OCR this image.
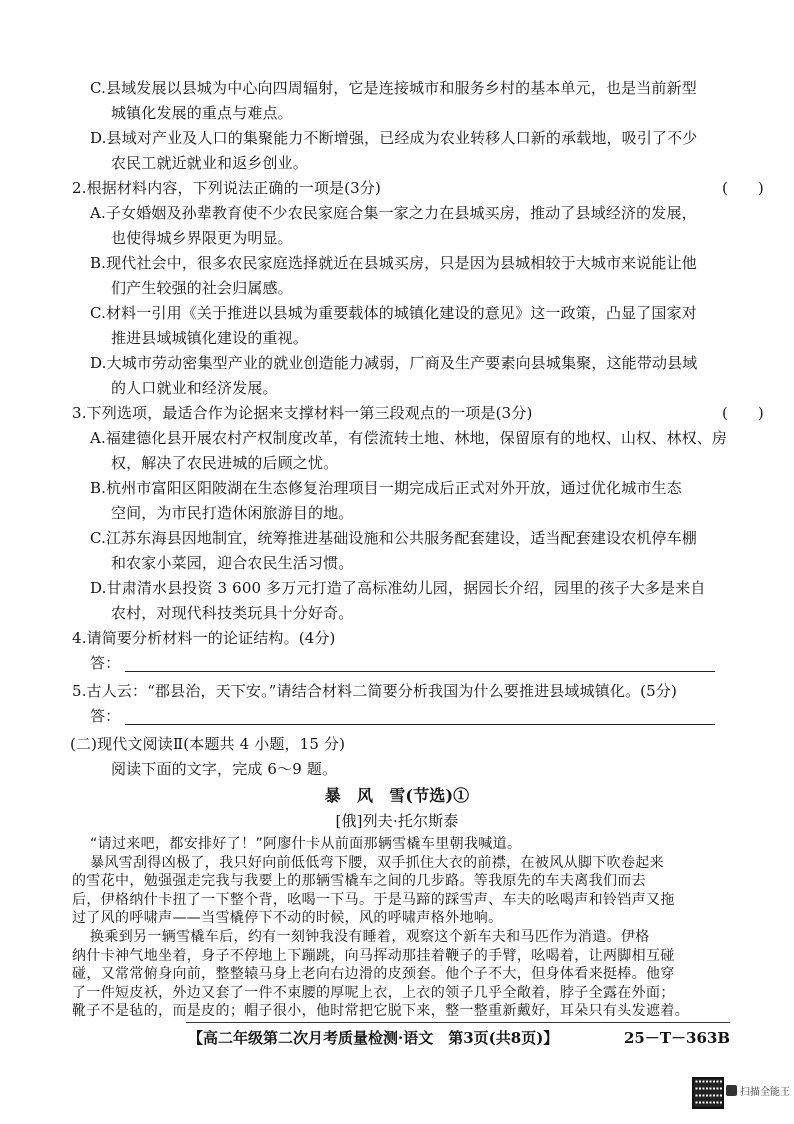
C.县域发展以县城为中心向四周辐射，它是连接城市和服务乡村的基本单元，也是当前新型
城镇化发展的重点与难点。
D.县域对产业及人口的集聚能力不断增强，已经成为农业转移人口新的承载地，吸引了不少
农民工就近就业和返乡创业。
2.根据材料内容，下列说法正确的一项是(3分)	(　　)
A.子女婚姻及孙辈教育使不少农民家庭合集一家之力在县城买房，推动了县域经济的发展，
也使得城乡界限更为明显。
B.现代社会中，很多农民家庭选择就近在县城买房，只是因为县城相较于大城市来说能让他
们产生较强的社会归属感。
C.材料一引用《关于推进以县城为重要载体的城镇化建设的意见》这一政策，凸显了国家对
推进县域城镇化建设的重视。
D.大城市劳动密集型产业的就业创造能力减弱，厂商及生产要素向县城集聚，这能带动县域
的人口就业和经济发展。
3.下列选项，最适合作为论据来支撑材料一第三段观点的一项是(3分)	(　　)
A.福建德化县开展农村产权制度改革，有偿流转土地、林地，保留原有的地权、山权、林权、房
权，解决了农民进城的后顾之忧。
B.杭州市富阳区阳陂湖在生态修复治理项目一期完成后正式对外开放，通过优化城市生态
空间，为市民打造休闲旅游目的地。
C.江苏东海县因地制宜，统筹推进基础设施和公共服务配套建设，适当配套建设农机停车棚
和农家小菜园，迎合农民生活习惯。
D.甘肃清水县投资 3 600 多万元打造了高标准幼儿园，据园长介绍，园里的孩子大多是来自
农村，对现代科技类玩具十分好奇。
4.请简要分析材料一的论证结构。(4分)
答：
5.古人云：“郡县治，天下安。”请结合材料二简要分析我国为什么要推进县域城镇化。(5分)
答：
(二)现代文阅读Ⅱ(本题共 4 小题，15 分)
阅读下面的文字，完成 6～9 题。
暴　风　雪(节选)①
[俄]列夫·托尔斯泰
【高二年级第二次月考质量检测·语文　第3页(共8页)】	25－T－363B
扫描全能王
“请过来吧，都安排好了！”阿廖什卡从前面那辆雪橇车里朝我喊道。
暴风雪刮得凶极了，我只好向前低低弯下腰，双手抓住大衣的前襟，在被风从脚下吹卷起来
的雪花中，勉强强走完我与我要上的那辆雪橇车之间的几步路。等我原先的车夫离我们而去
后，伊格纳什卡扭了一下整个背，吆喝一下马。于是马蹄的踩雪声、车夫的吆喝声和铃铛声又拖
过了风的呼啸声——当雪橇停下不动的时候，风的呼啸声格外地响。
换乘到另一辆雪橇车后，约有一刻钟我没有睡着，观察这个新车夫和马匹作为消遣。伊格
纳什卡神气地坐着，身子不停地上下蹦跳，向马挥动那挂着鞭子的手臂，吆喝着，让两脚相互碰
碰，又常常俯身向前，整整辕马身上老向右边滑的皮颈套。他个子不大，但身体看来挺棒。他穿
了一件短皮袄，外边又套了一件不束腰的厚呢上衣，上衣的领子几乎全敞着，脖子全露在外面；
靴子不是毡的，而是皮的；帽子很小，他时常把它脱下来，整一整重新戴好，耳朵只有头发遮着。
